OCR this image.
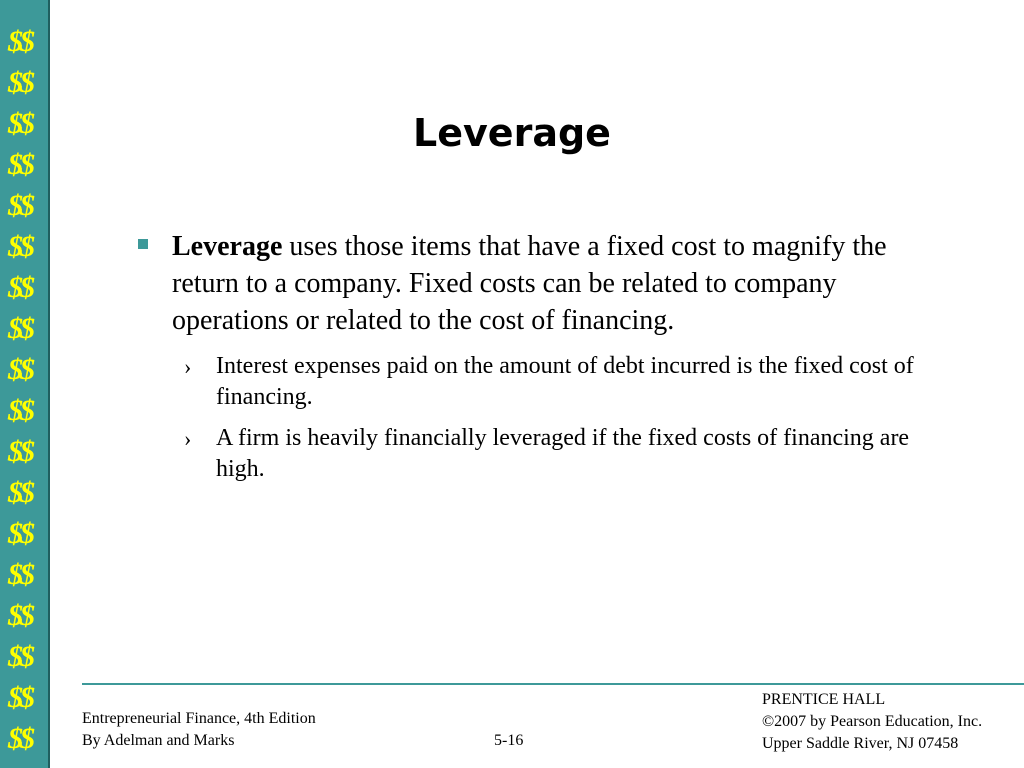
$$
$$
$$
$$
$$
$$
$$
$$
$$
$$
$$
$$
$$
$$
$$
$$
$$
$$
Leverage

Leverage uses those items that have a fixed cost to magnify the return to a company. Fixed costs can be related to company operations or related to the cost of financing.

› Interest expenses paid on the amount of debt incurred is the fixed cost of financing.

› A firm is heavily financially leveraged if the fixed costs of financing are high.

Entrepreneurial Finance, 4th Edition
By Adelman and Marks	5-16
PRENTICE HALL
©2007 by Pearson Education, Inc.
Upper Saddle River, NJ 07458
